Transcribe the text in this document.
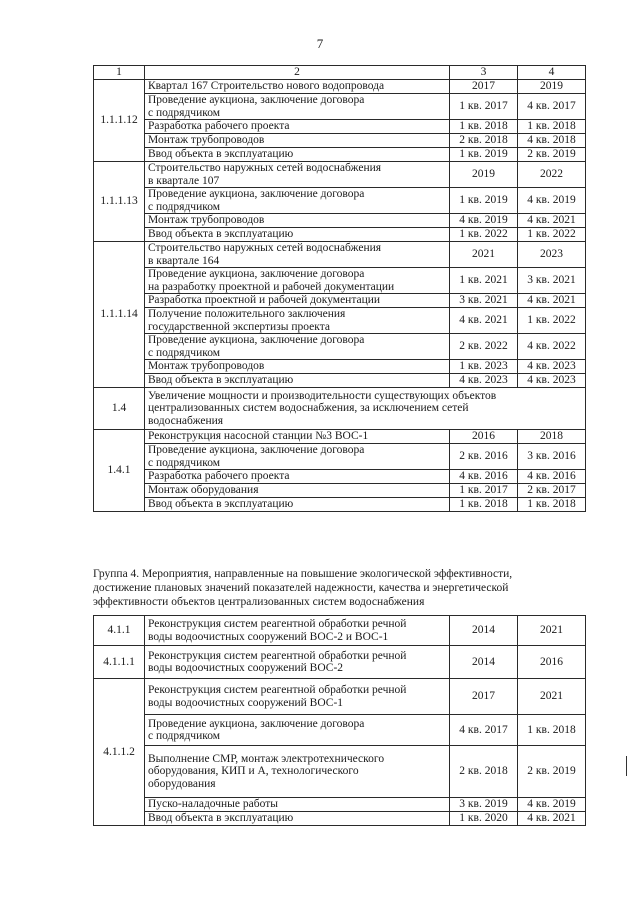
7
1	2	3	4
1.1.1.12	Квартал 167 Строительство нового водопровода	2017	2019
	Проведение аукциона, заключение договора
с подрядчиком	1 кв. 2017	4 кв. 2017
	Разработка рабочего проекта	1 кв. 2018	1 кв. 2018
	Монтаж трубопроводов	2 кв. 2018	4 кв. 2018
	Ввод объекта в эксплуатацию	1 кв. 2019	2 кв. 2019
1.1.1.13	Строительство наружных сетей водоснабжения
в квартале 107	2019	2022
	Проведение аукциона, заключение договора
с подрядчиком	1 кв. 2019	4 кв. 2019
	Монтаж трубопроводов	4 кв. 2019	4 кв. 2021
	Ввод объекта в эксплуатацию	1 кв. 2022	1 кв. 2022
1.1.1.14	Строительство наружных сетей водоснабжения
в квартале 164	2021	2023
	Проведение аукциона, заключение договора
на разработку проектной и рабочей документации	1 кв. 2021	3 кв. 2021
	Разработка проектной и рабочей документации	3 кв. 2021	4 кв. 2021
	Получение положительного заключения
государственной экспертизы проекта	4 кв. 2021	1 кв. 2022
	Проведение аукциона, заключение договора
с подрядчиком	2 кв. 2022	4 кв. 2022
	Монтаж трубопроводов	1 кв. 2023	4 кв. 2023
	Ввод объекта в эксплуатацию	4 кв. 2023	4 кв. 2023
1.4	Увеличение мощности и производительности существующих объектов
централизованных систем водоснабжения, за исключением сетей
водоснабжения		
1.4.1	Реконструкция насосной станции №3 ВОС-1	2016	2018
	Проведение аукциона, заключение договора
с подрядчиком	2 кв. 2016	3 кв. 2016
	Разработка рабочего проекта	4 кв. 2016	4 кв. 2016
	Монтаж оборудования	1 кв. 2017	2 кв. 2017
	Ввод объекта в эксплуатацию	1 кв. 2018	1 кв. 2018
Группа 4. Мероприятия, направленные на повышение экологической эффективности,
достижение плановых значений показателей надежности, качества и энергетической
эффективности объектов централизованных систем водоснабжения
4.1.1	Реконструкция систем реагентной обработки речной
воды водоочистных сооружений ВОС-2 и ВОС-1	2014	2021
4.1.1.1	Реконструкция систем реагентной обработки речной
воды водоочистных сооружений ВОС-2	2014	2016
4.1.1.2	Реконструкция систем реагентной обработки речной
воды водоочистных сооружений ВОС-1	2017	2021
	Проведение аукциона, заключение договора
с подрядчиком	4 кв. 2017	1 кв. 2018
	Выполнение СМР, монтаж электротехнического
оборудования, КИП и А, технологического
оборудования	2 кв. 2018	2 кв. 2019
	Пуско-наладочные работы	3 кв. 2019	4 кв. 2019
	Ввод объекта в эксплуатацию	1 кв. 2020	4 кв. 2021
